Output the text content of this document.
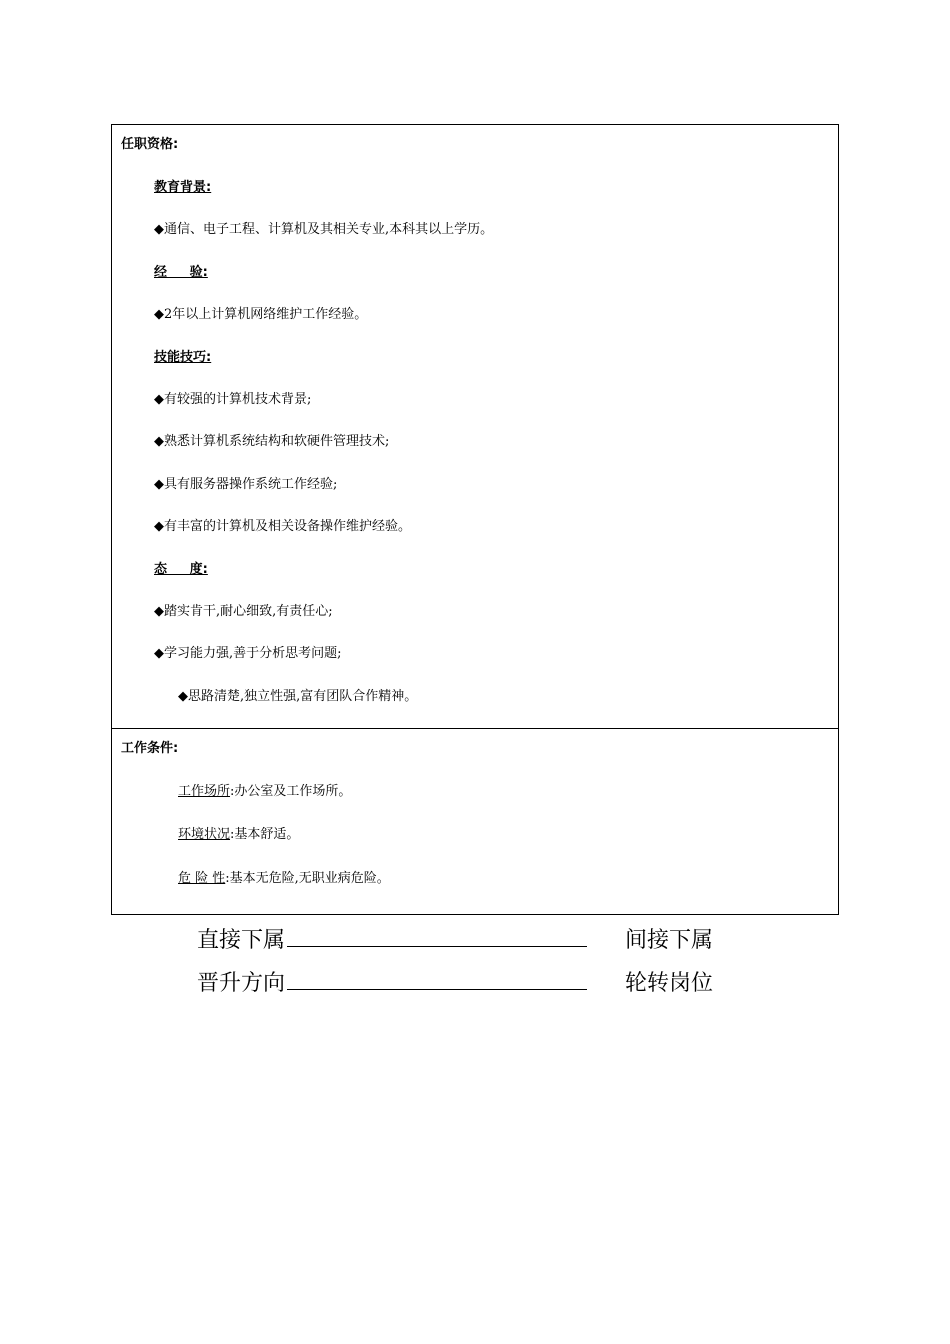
任职资格:
教育背景:
◆通信、电子工程、计算机及其相关专业,本科其以上学历。
经     验:
◆2年以上计算机网络维护工作经验。
技能技巧:
◆有较强的计算机技术背景;
◆熟悉计算机系统结构和软硬件管理技术;
◆具有服务器操作系统工作经验;
◆有丰富的计算机及相关设备操作维护经验。
态     度:
◆踏实肯干,耐心细致,有责任心;
◆学习能力强,善于分析思考问题;
◆思路清楚,独立性强,富有团队合作精神。
工作条件:
工作场所:办公室及工作场所。
环境状况:基本舒适。
危 险 性:基本无危险,无职业病危险。
直接下属	间接下属
晋升方向	轮转岗位
